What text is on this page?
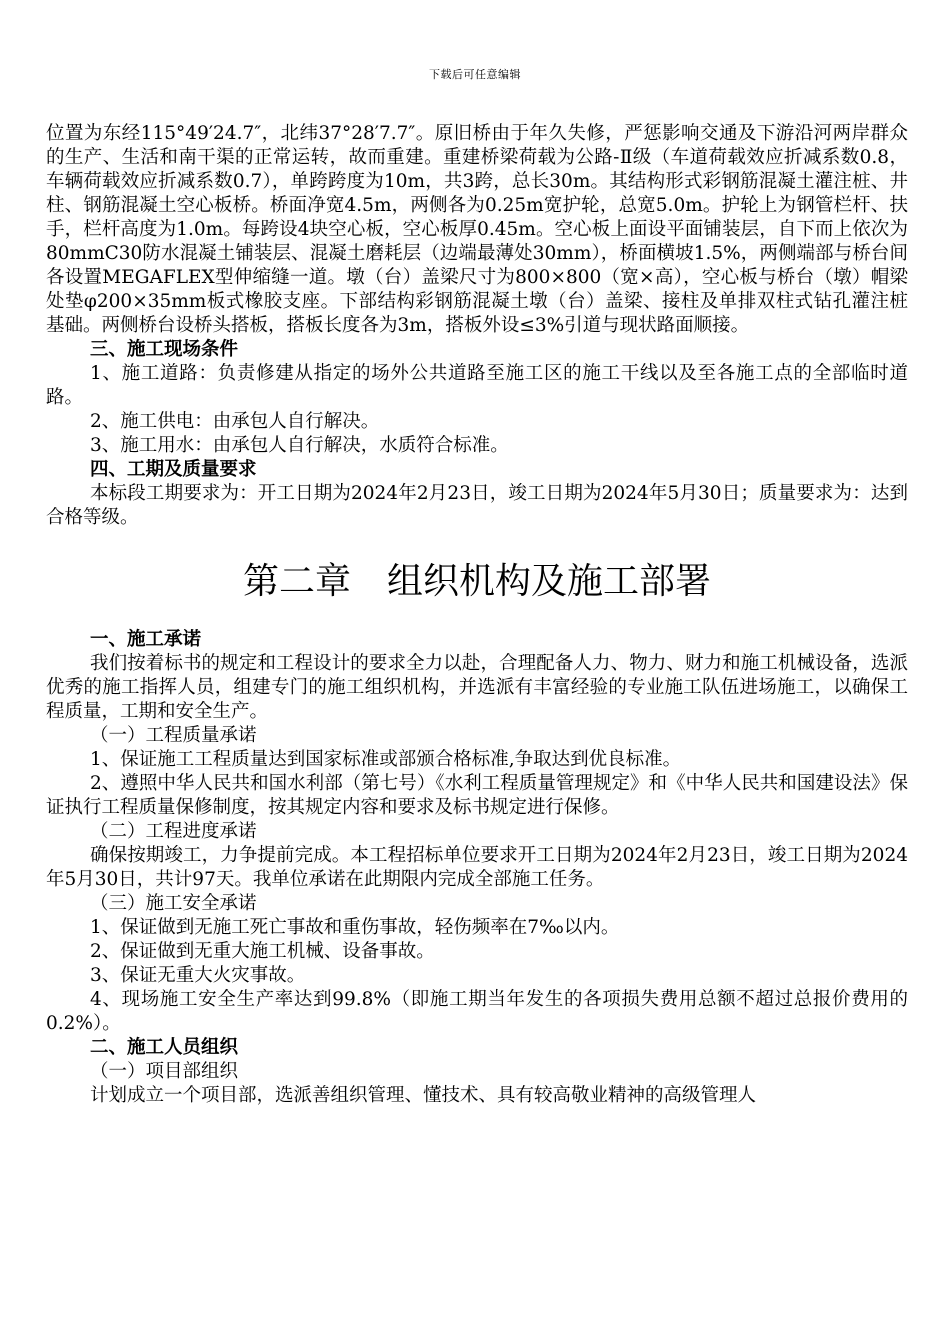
下载后可任意编辑

位置为东经115°49′24.7″，北纬37°28′7.7″。原旧桥由于年久失修，严惩影响交通及下游沿河两岸群众的生产、生活和南干渠的正常运转，故而重建。重建桥梁荷载为公路-Ⅱ级（车道荷载效应折减系数0.8，车辆荷载效应折减系数0.7），单跨跨度为10m，共3跨，总长30m。其结构形式彩钢筋混凝土灌注桩、井柱、钢筋混凝土空心板桥。桥面净宽4.5m，两侧各为0.25m宽护轮，总宽5.0m。护轮上为钢管栏杆、扶手，栏杆高度为1.0m。每跨设4块空心板，空心板厚0.45m。空心板上面设平面铺装层，自下而上依次为80mmC30防水混凝土铺装层、混凝土磨耗层（边端最薄处30mm），桥面横坡1.5%，两侧端部与桥台间各设置MEGAFLEX型伸缩缝一道。墩（台）盖梁尺寸为800×800（宽×高），空心板与桥台（墩）帽梁处垫φ200×35mm板式橡胶支座。下部结构彩钢筋混凝土墩（台）盖梁、接柱及单排双柱式钻孔灌注桩基础。两侧桥台设桥头搭板，搭板长度各为3m，搭板外设≤3%引道与现状路面顺接。

三、施工现场条件

1、施工道路：负责修建从指定的场外公共道路至施工区的施工干线以及至各施工点的全部临时道路。

2、施工供电：由承包人自行解决。

3、施工用水：由承包人自行解决，水质符合标准。

四、工期及质量要求

本标段工期要求为：开工日期为2024年2月23日，竣工日期为2024年5月30日；质量要求为：达到合格等级。

第二章　组织机构及施工部署

一、施工承诺

我们按着标书的规定和工程设计的要求全力以赴，合理配备人力、物力、财力和施工机械设备，选派优秀的施工指挥人员，组建专门的施工组织机构，并选派有丰富经验的专业施工队伍进场施工，以确保工程质量，工期和安全生产。

（一）工程质量承诺

1、保证施工工程质量达到国家标准或部颁合格标准,争取达到优良标准。

2、遵照中华人民共和国水利部（第七号）《水利工程质量管理规定》和《中华人民共和国建设法》保证执行工程质量保修制度，按其规定内容和要求及标书规定进行保修。

（二）工程进度承诺

确保按期竣工，力争提前完成。本工程招标单位要求开工日期为2024年2月23日，竣工日期为2024年5月30日，共计97天。我单位承诺在此期限内完成全部施工任务。

（三）施工安全承诺

1、保证做到无施工死亡事故和重伤事故，轻伤频率在7‰以内。

2、保证做到无重大施工机械、设备事故。

3、保证无重大火灾事故。

4、现场施工安全生产率达到99.8%（即施工期当年发生的各项损失费用总额不超过总报价费用的0.2%）。

二、施工人员组织

（一）项目部组织

计划成立一个项目部，选派善组织管理、懂技术、具有较高敬业精神的高级管理人
